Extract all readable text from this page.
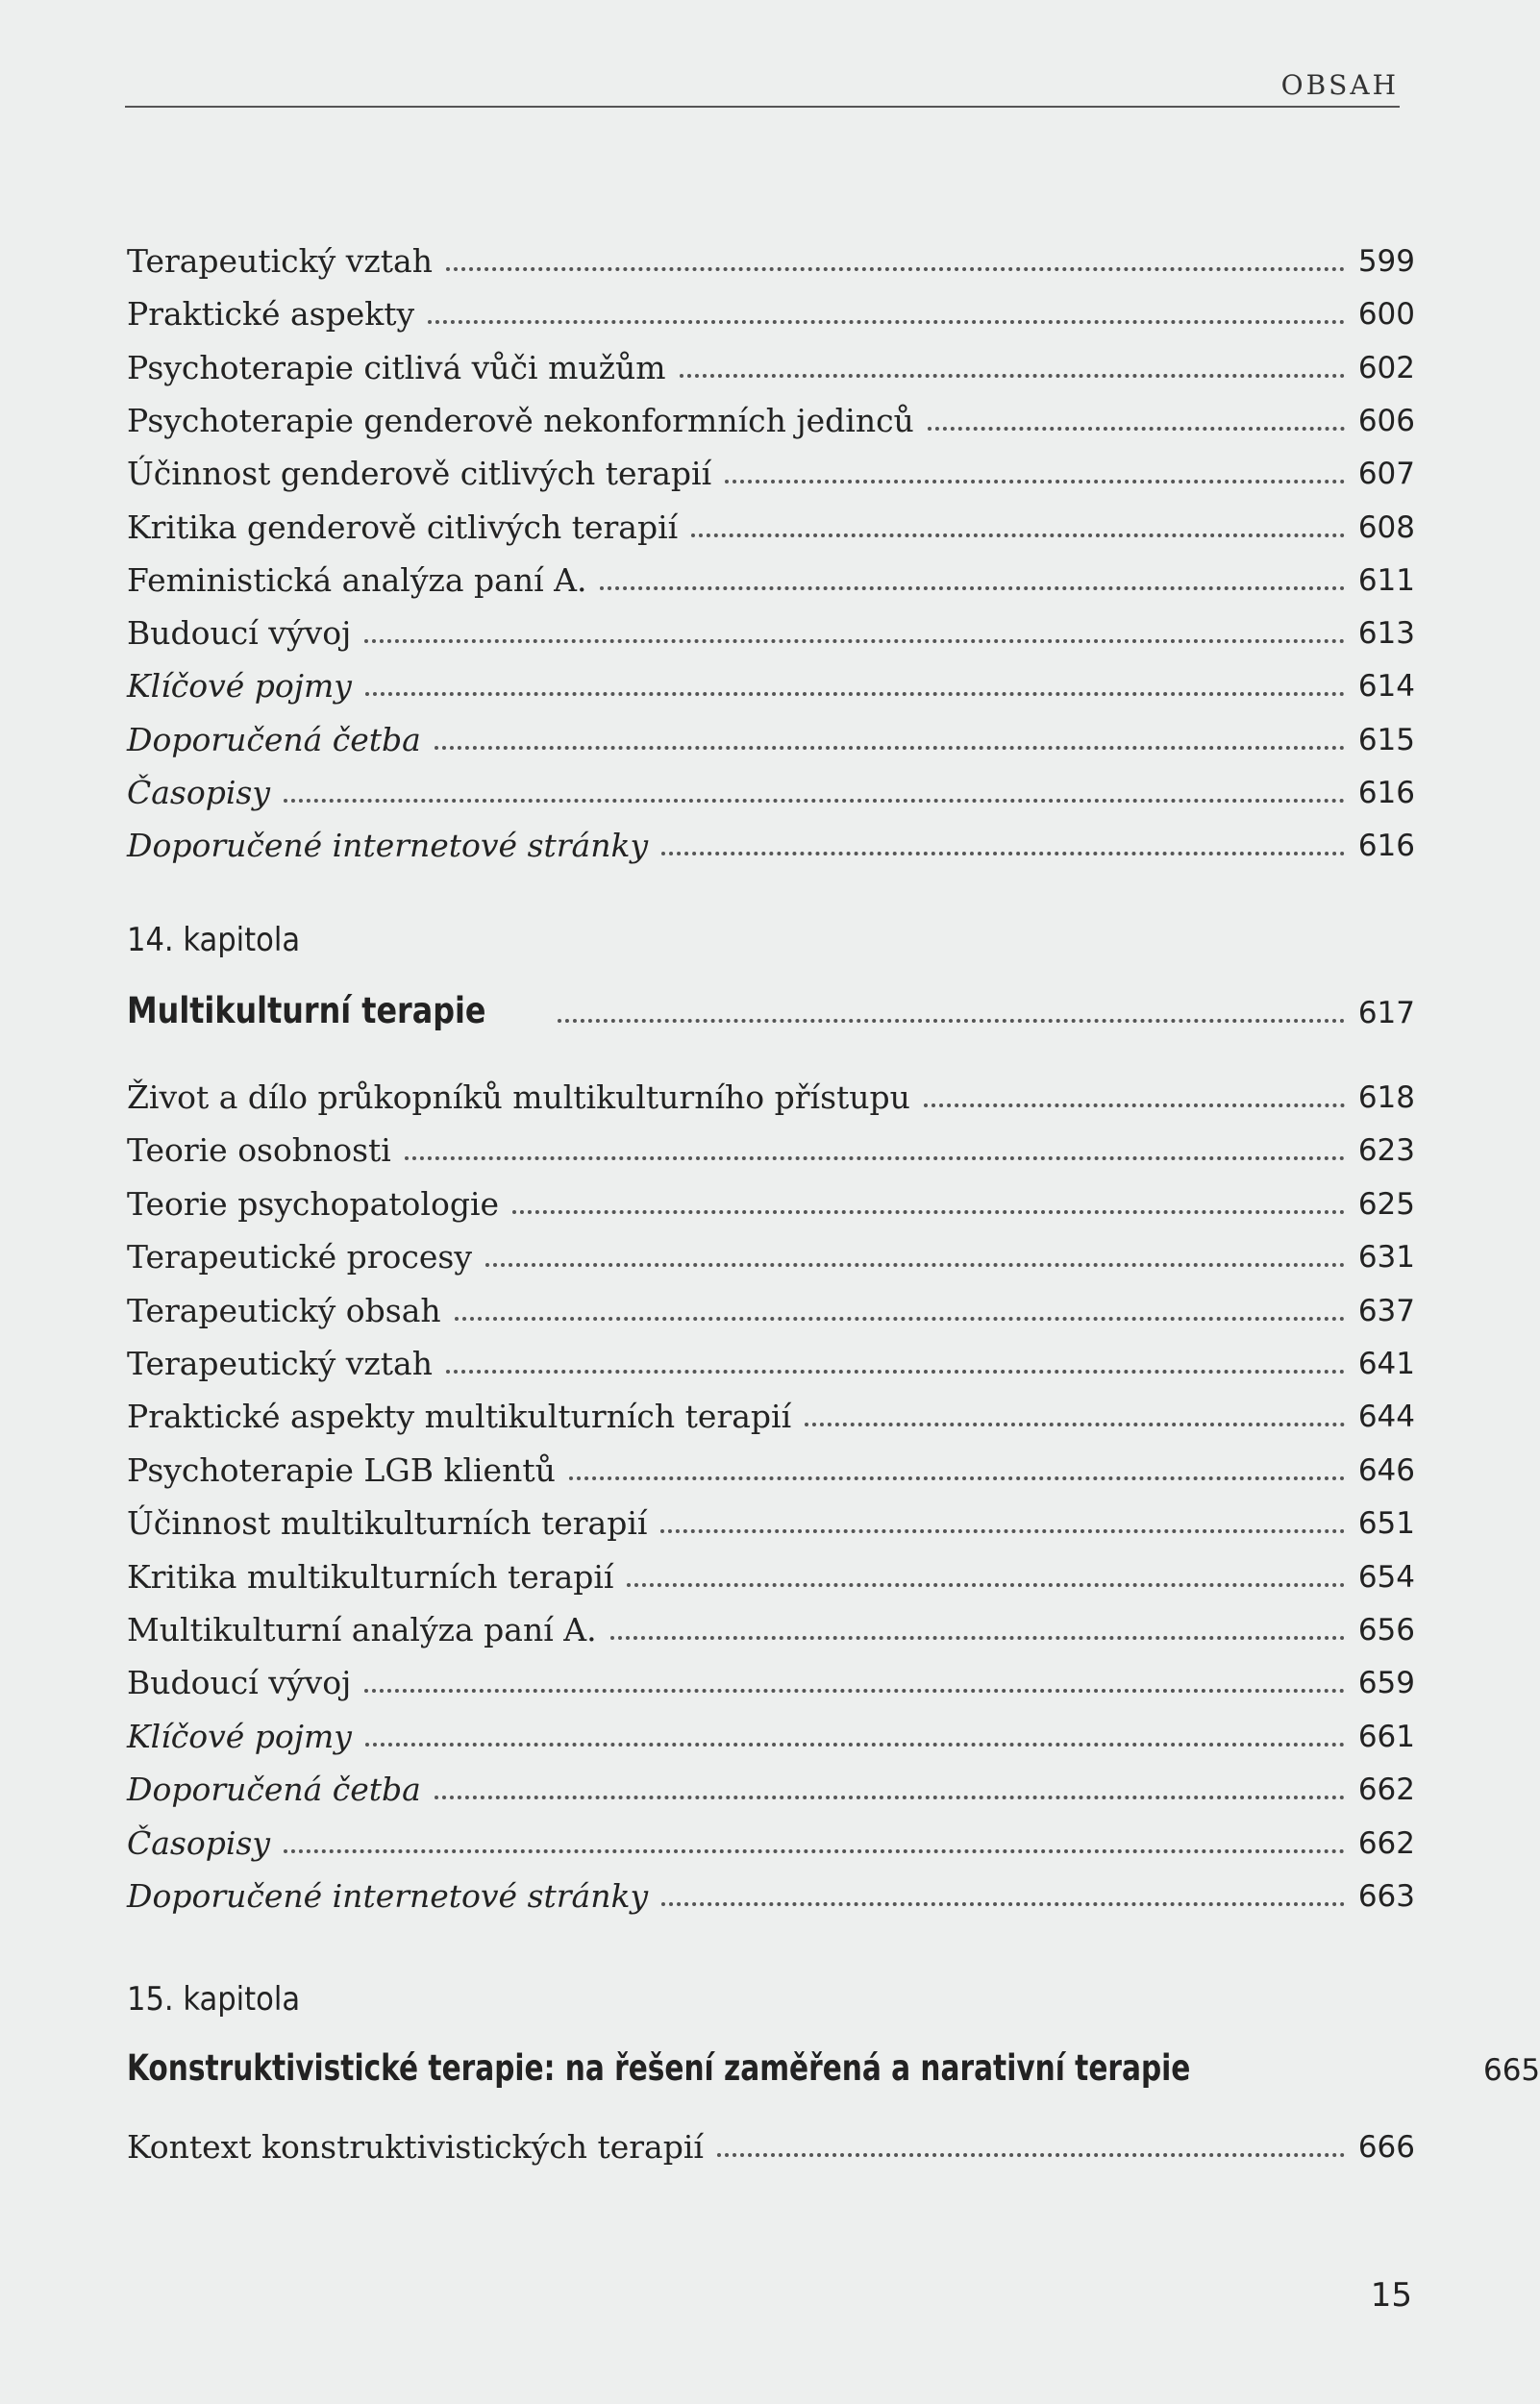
OBSAH
Terapeutický vztah	599
Praktické aspekty	600
Psychoterapie citlivá vůči mužům	602
Psychoterapie genderově nekonformních jedinců	606
Účinnost genderově citlivých terapií	607
Kritika genderově citlivých terapií	608
Feministická analýza paní A.	611
Budoucí vývoj	613
Klíčové pojmy	614
Doporučená četba	615
Časopisy	616
Doporučené internetové stránky	616
14. kapitola
Multikulturní terapie	617
Život a dílo průkopníků multikulturního přístupu	618
Teorie osobnosti	623
Teorie psychopatologie	625
Terapeutické procesy	631
Terapeutický obsah	637
Terapeutický vztah	641
Praktické aspekty multikulturních terapií	644
Psychoterapie LGB klientů	646
Účinnost multikulturních terapií	651
Kritika multikulturních terapií	654
Multikulturní analýza paní A.	656
Budoucí vývoj	659
Klíčové pojmy	661
Doporučená četba	662
Časopisy	662
Doporučené internetové stránky	663
15. kapitola
Konstruktivistické terapie: na řešení zaměřená a narativní terapie	665
Kontext konstruktivistických terapií	666
15
